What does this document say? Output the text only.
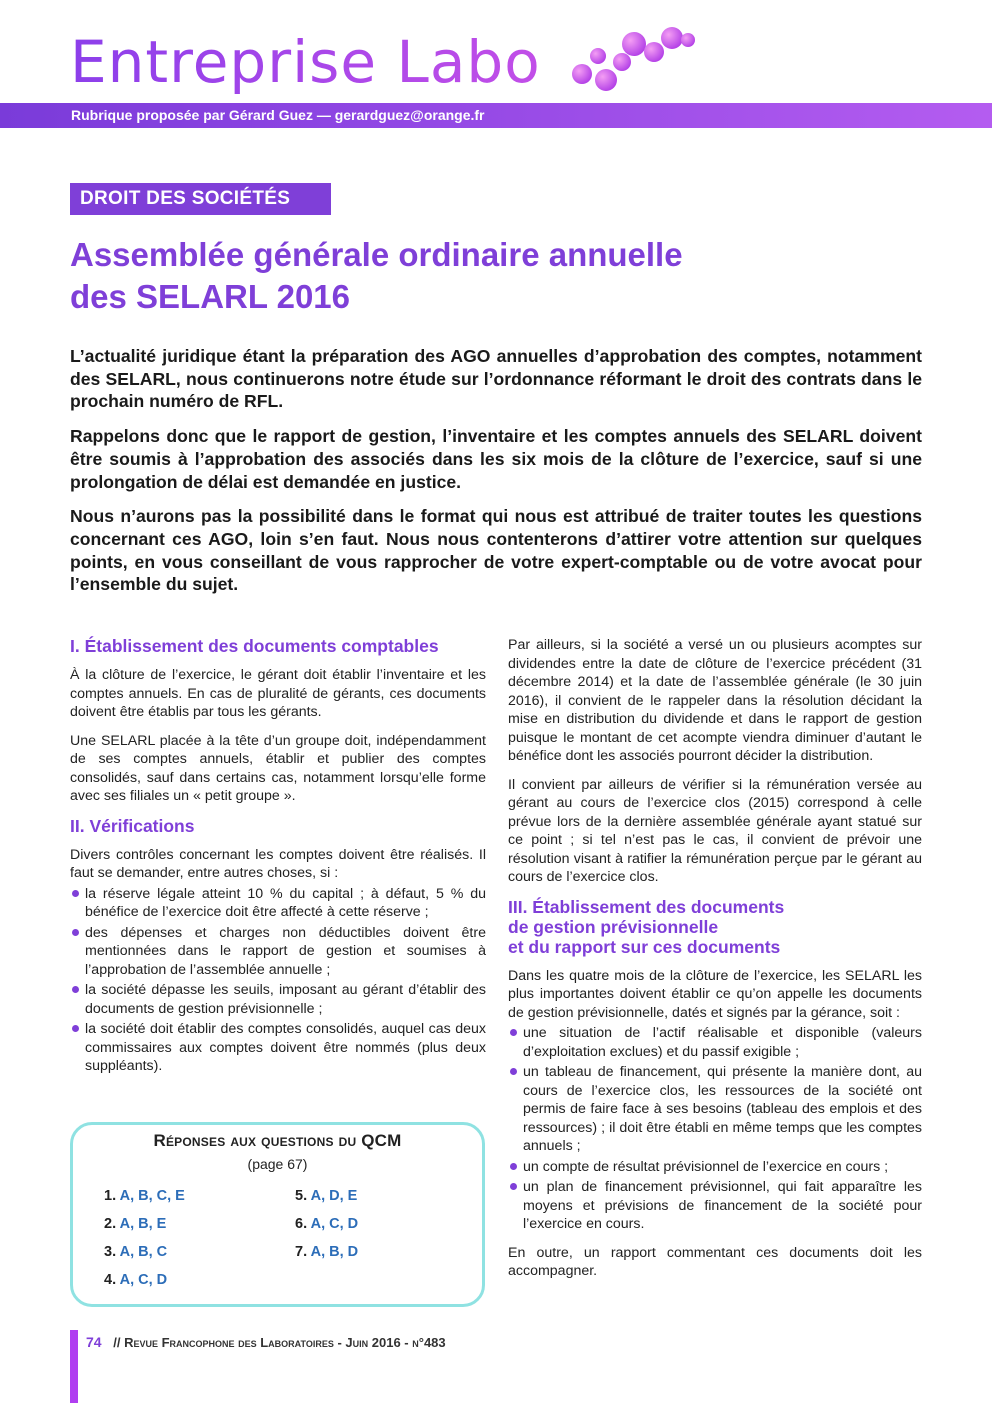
Entreprise Labo
Rubrique proposée par Gérard Guez — gerardguez@orange.fr
DROIT DES SOCIÉTÉS
Assemblée générale ordinaire annuelle
des SELARL 2016

L’actualité juridique étant la préparation des AGO annuelles d’approbation des comptes, notamment des SELARL, nous continuerons notre étude sur l’ordonnance réformant le droit des contrats dans le prochain numéro de RFL.

Rappelons donc que le rapport de gestion, l’inventaire et les comptes annuels des SELARL doivent être soumis à l’approbation des associés dans les six mois de la clôture de l’exercice, sauf si une prolongation de délai est demandée en justice.

Nous n’aurons pas la possibilité dans le format qui nous est attribué de traiter toutes les questions concernant ces AGO, loin s’en faut. Nous nous contenterons d’attirer votre attention sur quelques points, en vous conseillant de vous rapprocher de votre expert-comptable ou de votre avocat pour l’ensemble du sujet.

I. Établissement des documents comptables

À la clôture de l’exercice, le gérant doit établir l’inventaire et les comptes annuels. En cas de pluralité de gérants, ces documents doivent être établis par tous les gérants.

Une SELARL placée à la tête d’un groupe doit, indépendamment de ses comptes annuels, établir et publier des comptes consolidés, sauf dans certains cas, notamment lorsqu’elle forme avec ses filiales un « petit groupe ».

II. Vérifications

Divers contrôles concernant les comptes doivent être réalisés. Il faut se demander, entre autres choses, si :

la réserve légale atteint 10 % du capital ; à défaut, 5 % du bénéfice de l’exercice doit être affecté à cette réserve ;
des dépenses et charges non déductibles doivent être mentionnées dans le rapport de gestion et soumises à l’approbation de l’assemblée annuelle ;
la société dépasse les seuils, imposant au gérant d’établir des documents de gestion prévisionnelle ;
la société doit établir des comptes consolidés, auquel cas deux commissaires aux comptes doivent être nommés (plus deux suppléants).

Par ailleurs, si la société a versé un ou plusieurs acomptes sur dividendes entre la date de clôture de l’exercice précédent (31 décembre 2014) et la date de l’assemblée générale (le 30 juin 2016), il convient de le rappeler dans la résolution décidant la mise en distribution du dividende et dans le rapport de gestion puisque le montant de cet acompte viendra diminuer d’autant le bénéfice dont les associés pourront décider la distribution.

Il convient par ailleurs de vérifier si la rémunération versée au gérant au cours de l’exercice clos (2015) correspond à celle prévue lors de la dernière assemblée générale ayant statué sur ce point ; si tel n’est pas le cas, il convient de prévoir une résolution visant à ratifier la rémunération perçue par le gérant au cours de l’exercice clos.

III. Établissement des documents
de gestion prévisionnelle
et du rapport sur ces documents

Dans les quatre mois de la clôture de l’exercice, les SELARL les plus importantes doivent établir ce qu’on appelle les documents de gestion prévisionnelle, datés et signés par la gérance, soit :

une situation de l’actif réalisable et disponible (valeurs d’exploitation exclues) et du passif exigible ;
un tableau de financement, qui présente la manière dont, au cours de l’exercice clos, les ressources de la société ont permis de faire face à ses besoins (tableau des emplois et des ressources) ; il doit être établi en même temps que les comptes annuels ;
un compte de résultat prévisionnel de l’exercice en cours ;
un plan de financement prévisionnel, qui fait apparaître les moyens et prévisions de financement de la société pour l’exercice en cours.

En outre, un rapport commentant ces documents doit les accompagner.

Réponses aux questions du QCM
(page 67)
1. A, B, C, E
2. A, B, E
3. A, B, C
4. A, C, D
5. A, D, E
6. A, C, D
7. A, B, D
74 // Revue Francophone des Laboratoires - Juin 2016 - n°483
